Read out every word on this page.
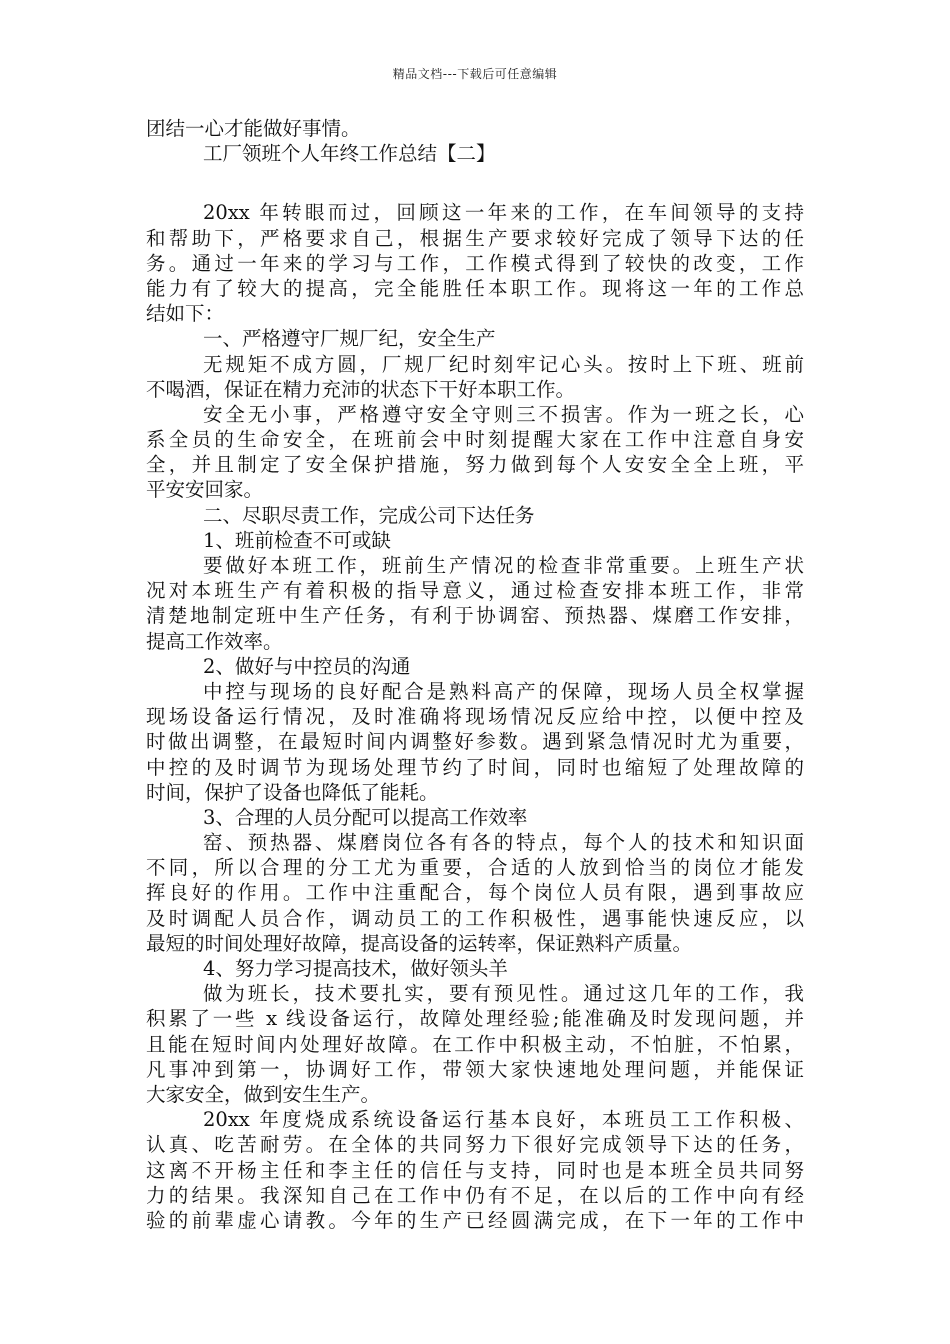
精品文档---下载后可任意编辑
团结一心才能做好事情。
工厂领班个人年终工作总结【二】
20xx 年转眼而过，回顾这一年来的工作，在车间领导的支持
和帮助下，严格要求自己，根据生产要求较好完成了领导下达的任
务。通过一年来的学习与工作，工作模式得到了较快的改变，工作
能力有了较大的提高，完全能胜任本职工作。现将这一年的工作总
结如下：
一、严格遵守厂规厂纪，安全生产
无规矩不成方圆，厂规厂纪时刻牢记心头。按时上下班、班前
不喝酒，保证在精力充沛的状态下干好本职工作。
安全无小事，严格遵守安全守则三不损害。作为一班之长，心
系全员的生命安全，在班前会中时刻提醒大家在工作中注意自身安
全，并且制定了安全保护措施，努力做到每个人安安全全上班，平
平安安回家。
二、尽职尽责工作，完成公司下达任务
1、班前检查不可或缺
要做好本班工作，班前生产情况的检查非常重要。上班生产状
况对本班生产有着积极的指导意义，通过检查安排本班工作，非常
清楚地制定班中生产任务，有利于协调窑、预热器、煤磨工作安排，
提高工作效率。
2、做好与中控员的沟通
中控与现场的良好配合是熟料高产的保障，现场人员全权掌握
现场设备运行情况，及时准确将现场情况反应给中控，以便中控及
时做出调整，在最短时间内调整好参数。遇到紧急情况时尤为重要，
中控的及时调节为现场处理节约了时间，同时也缩短了处理故障的
时间，保护了设备也降低了能耗。
3、合理的人员分配可以提高工作效率
窑、预热器、煤磨岗位各有各的特点，每个人的技术和知识面
不同，所以合理的分工尤为重要，合适的人放到恰当的岗位才能发
挥良好的作用。工作中注重配合，每个岗位人员有限，遇到事故应
及时调配人员合作，调动员工的工作积极性，遇事能快速反应，以
最短的时间处理好故障，提高设备的运转率，保证熟料产质量。
4、努力学习提高技术，做好领头羊
做为班长，技术要扎实，要有预见性。通过这几年的工作，我
积累了一些 x 线设备运行，故障处理经验;能准确及时发现问题，并
且能在短时间内处理好故障。在工作中积极主动，不怕脏，不怕累，
凡事冲到第一，协调好工作，带领大家快速地处理问题，并能保证
大家安全，做到安生生产。
20xx 年度烧成系统设备运行基本良好，本班员工工作积极、
认真、吃苦耐劳。在全体的共同努力下很好完成领导下达的任务，
这离不开杨主任和李主任的信任与支持，同时也是本班全员共同努
力的结果。我深知自己在工作中仍有不足，在以后的工作中向有经
验的前辈虚心请教。今年的生产已经圆满完成，在下一年的工作中
